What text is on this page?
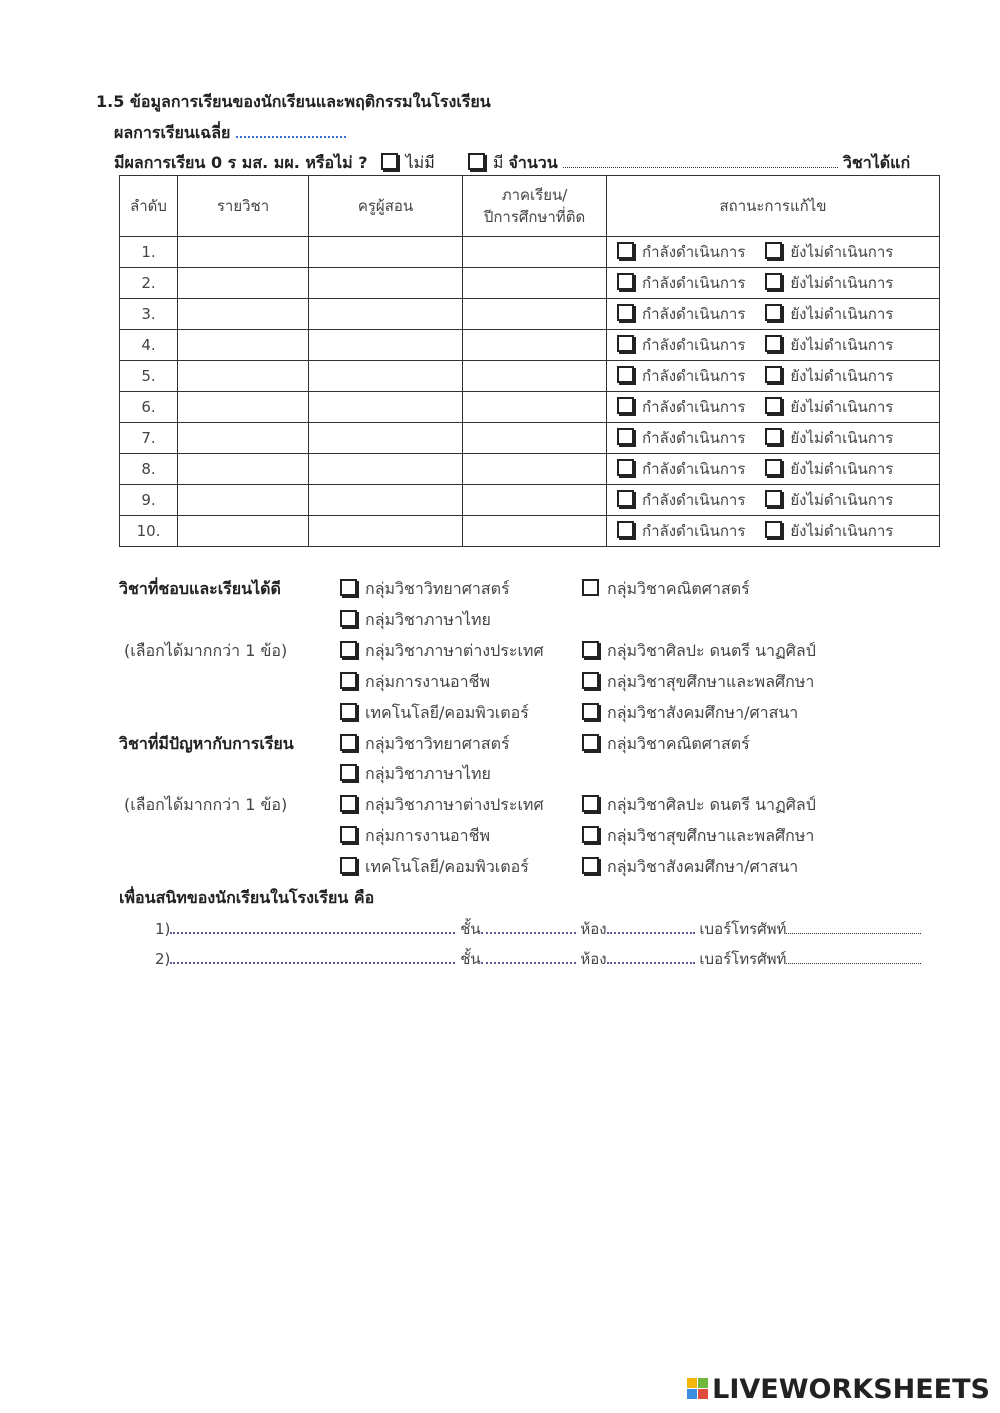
1.5 ข้อมูลการเรียนของนักเรียนและพฤติกรรมในโรงเรียน
ผลการเรียนเฉลี่ย
มีผลการเรียน 0 ร มส. มผ. หรือไม่ ? ไม่มี	มี จำนวน	วิชาได้แก่
ลำดับ	รายวิชา	ครูผู้สอน	ภาคเรียน/
ปีการศึกษาที่ติด	สถานะการแก้ไข
1.				กำลังดำเนินการ ยังไม่ดำเนินการ
2.				กำลังดำเนินการ ยังไม่ดำเนินการ
3.				กำลังดำเนินการ ยังไม่ดำเนินการ
4.				กำลังดำเนินการ ยังไม่ดำเนินการ
5.				กำลังดำเนินการ ยังไม่ดำเนินการ
6.				กำลังดำเนินการ ยังไม่ดำเนินการ
7.				กำลังดำเนินการ ยังไม่ดำเนินการ
8.				กำลังดำเนินการ ยังไม่ดำเนินการ
9.				กำลังดำเนินการ ยังไม่ดำเนินการ
10.				กำลังดำเนินการ ยังไม่ดำเนินการ
วิชาที่ชอบและเรียนได้ดี
(เลือกได้มากกว่า 1 ข้อ)
กลุ่มวิชาวิทยาศาสตร์	กลุ่มวิชาคณิตศาสตร์
กลุ่มวิชาภาษาไทย
กลุ่มวิชาภาษาต่างประเทศ	กลุ่มวิชาศิลปะ ดนตรี นาฏศิลป์
กลุ่มการงานอาชีพ	กลุ่มวิชาสุขศึกษาและพลศึกษา
เทคโนโลยี/คอมพิวเตอร์	กลุ่มวิชาสังคมศึกษา/ศาสนา
วิชาที่มีปัญหากับการเรียน
(เลือกได้มากกว่า 1 ข้อ)
กลุ่มวิชาวิทยาศาสตร์	กลุ่มวิชาคณิตศาสตร์
กลุ่มวิชาภาษาไทย
กลุ่มวิชาภาษาต่างประเทศ	กลุ่มวิชาศิลปะ ดนตรี นาฏศิลป์
กลุ่มการงานอาชีพ	กลุ่มวิชาสุขศึกษาและพลศึกษา
เทคโนโลยี/คอมพิวเตอร์	กลุ่มวิชาสังคมศึกษา/ศาสนา
เพื่อนสนิทของนักเรียนในโรงเรียน คือ
1)	ชั้น	ห้อง	เบอร์โทรศัพท์
2)	ชั้น	ห้อง	เบอร์โทรศัพท์
LIVEWORKSHEETS
